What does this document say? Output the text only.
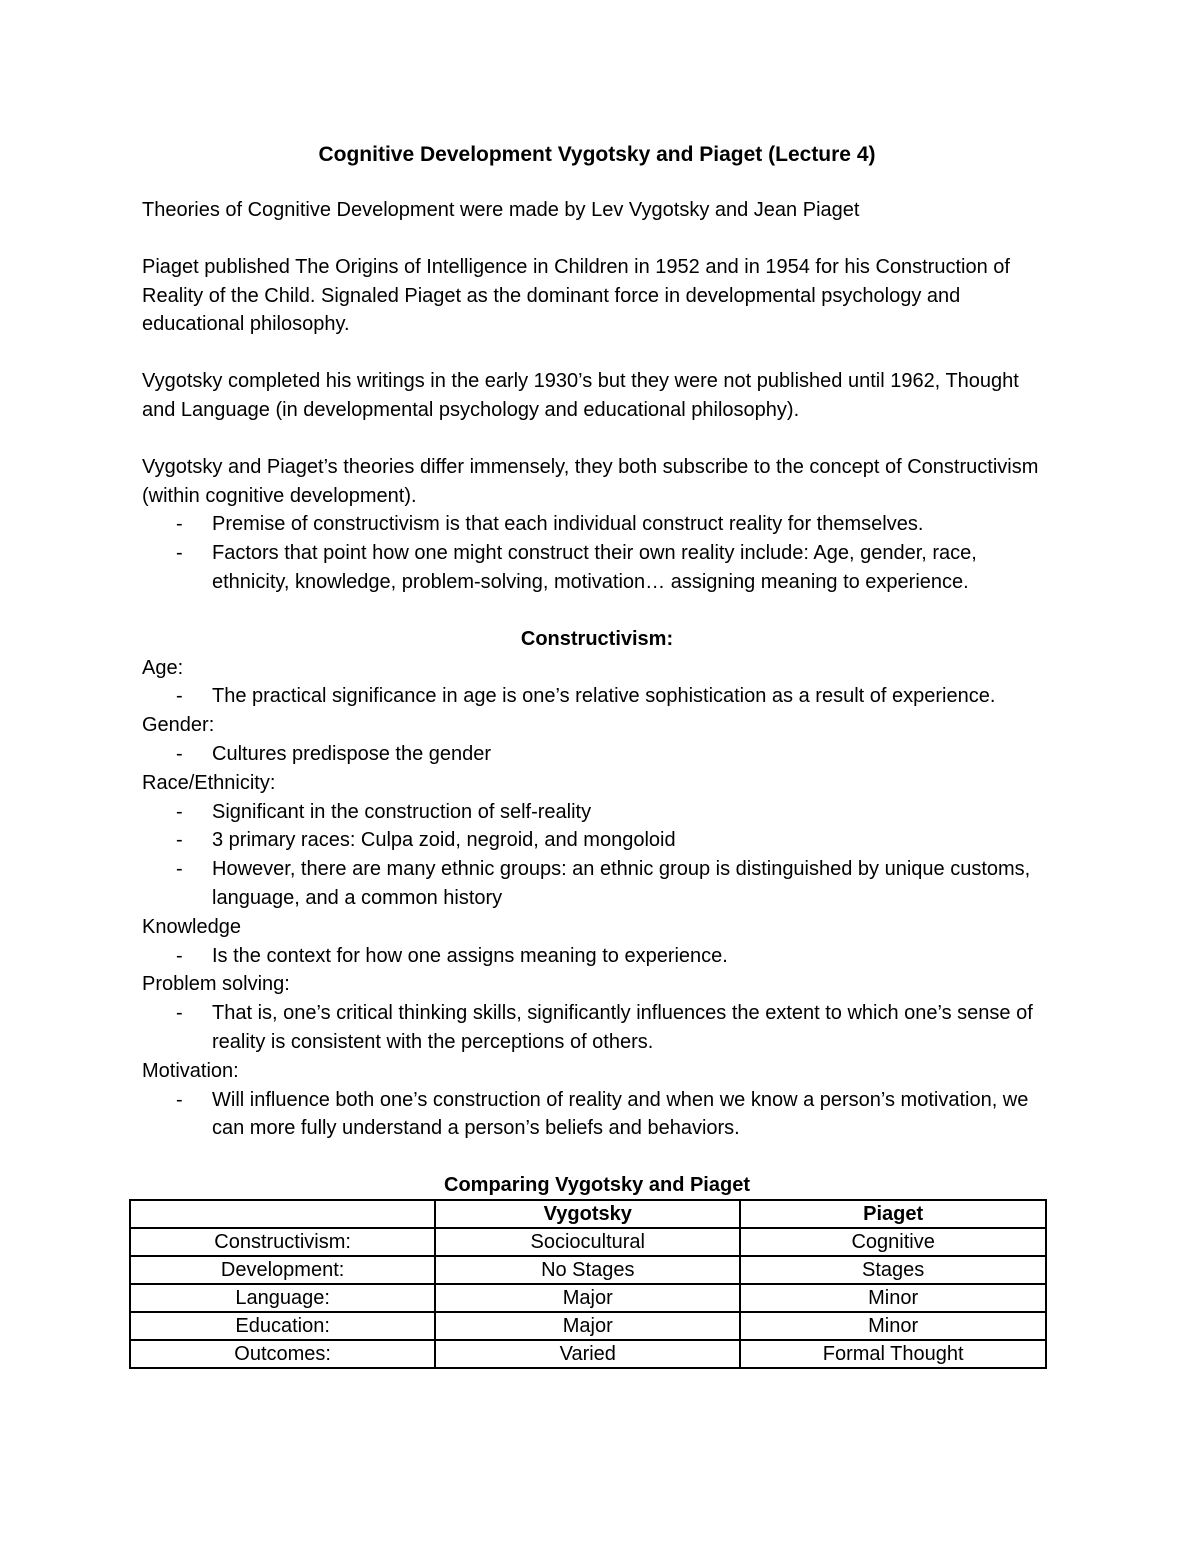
Cognitive Development Vygotsky and Piaget (Lecture 4)

Theories of Cognitive Development were made by Lev Vygotsky and Jean Piaget

Piaget published The Origins of Intelligence in Children in 1952 and in 1954 for his Construction of Reality of the Child. Signaled Piaget as the dominant force in developmental psychology and educational philosophy.

Vygotsky completed his writings in the early 1930’s but they were not published until 1962, Thought and Language (in developmental psychology and educational philosophy).

Vygotsky and Piaget’s theories differ immensely, they both subscribe to the concept of Constructivism (within cognitive development).

- Premise of constructivism is that each individual construct reality for themselves.
- Factors that point how one might construct their own reality include: Age, gender, race, ethnicity, knowledge, problem-solving, motivation… assigning meaning to experience.
Constructivism:
Age:
- The practical significance in age is one’s relative sophistication as a result of experience.
Gender:
- Cultures predispose the gender
Race/Ethnicity:
- Significant in the construction of self-reality
- 3 primary races: Culpa zoid, negroid, and mongoloid
- However, there are many ethnic groups: an ethnic group is distinguished by unique customs, language, and a common history
Knowledge
- Is the context for how one assigns meaning to experience.
Problem solving:
- That is, one’s critical thinking skills, significantly influences the extent to which one’s sense of reality is consistent with the perceptions of others.
Motivation:
- Will influence both one’s construction of reality and when we know a person’s motivation, we can more fully understand a person’s beliefs and behaviors.
Comparing Vygotsky and Piaget
	Vygotsky	Piaget
Constructivism:	Sociocultural	Cognitive
Development:	No Stages	Stages
Language:	Major	Minor
Education:	Major	Minor
Outcomes:	Varied	Formal Thought
